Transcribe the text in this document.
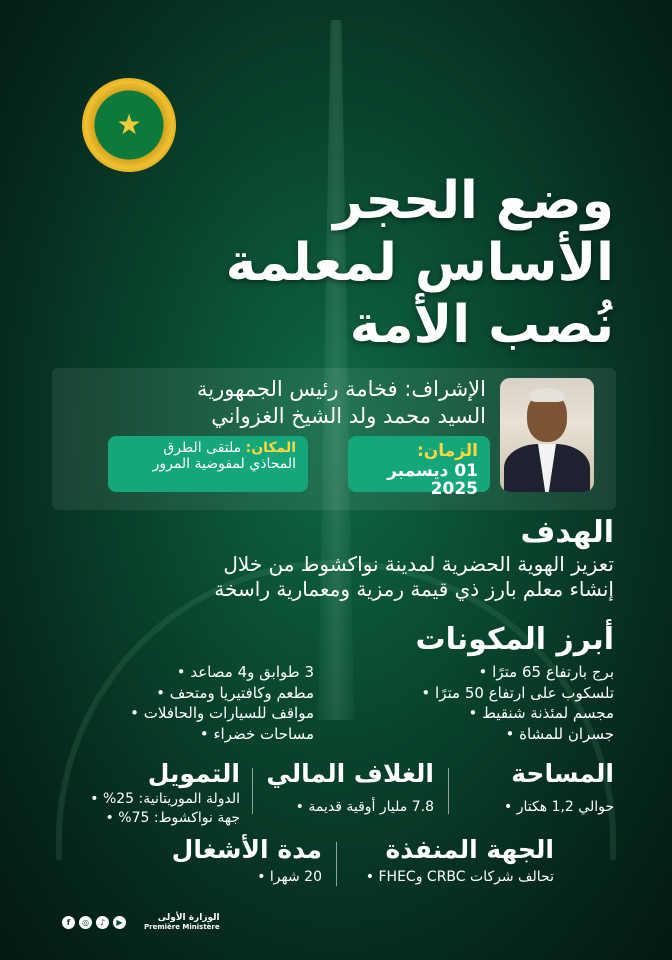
★
وضع الحجر
الأساس لمعلمة
نُصب الأمة
الإشراف: فخامة رئيس الجمهورية
السيد محمد ولد الشيخ الغزواني
الزمان:
01 ديسمبر 2025
المكان: ملتقى الطرق
المحاذي لمفوضية المرور
الهدف
تعزيز الهوية الحضرية لمدينة نواكشوط من خلال
إنشاء معلم بارز ذي قيمة رمزية ومعمارية راسخة
أبرز المكونات
برج بارتفاع 65 مترًا •
تلسكوب على ارتفاع 50 مترًا •
مجسم لمئذنة شنقيط •
جسران للمشاة •
3 طوابق و4 مصاعد •
مطعم وكافتيريا ومتحف •
مواقف للسيارات والحافلات •
مساحات خضراء •
المساحة
حوالي 1,2 هكتار •
الغلاف المالي
7.8 مليار أوقية قديمة •
التمويل
الدولة الموريتانية: 25% •
جهة نواكشوط: 75% •
الجهة المنفذة
تحالف شركات CRBC وFHEC •
مدة الأشغال
20 شهرا •
f	◎	♪	▶	الوزارة الأولى
Première Ministère
